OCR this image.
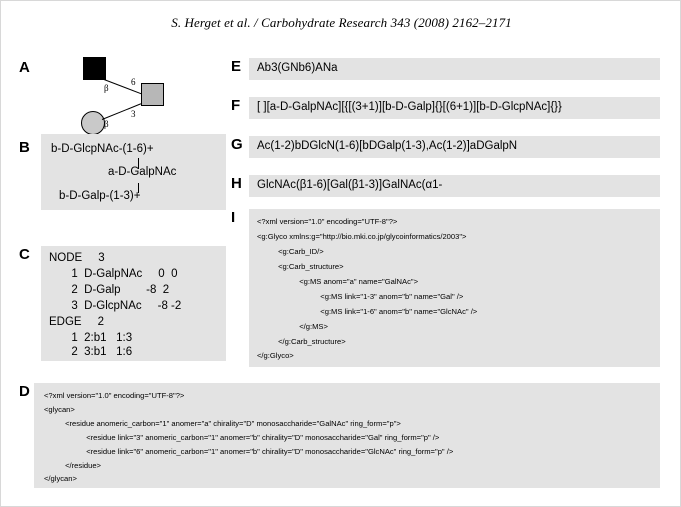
S. Herget et al. / Carbohydrate Research 343 (2008) 2162–2171
A
β
6
3
β
B b-D-GlcpNAc-(1-6)+
a-D-GalpNAc
b-D-Galp-(1-3)+
C NODE     3
1  D-GalpNAc     0  0
2  D-Galp        -8  2
3  D-GlcpNAc     -8 -2
EDGE     2
1  2:b1   1:3
2  3:b1   1:6
D <?xml version="1.0" encoding="UTF-8"?>
<glycan>
<residue anomeric_carbon="1" anomer="a" chirality="D" monosaccharide="GalNAc" ring_form="p">
<residue link="3" anomeric_carbon="1" anomer="b" chirality="D" monosaccharide="Gal" ring_form="p" />
<residue link="6" anomeric_carbon="1" anomer="b" chirality="D" monosaccharide="GlcNAc" ring_form="p" />
</residue>
</glycan>
E Ab3(GNb6)ANa
F [ ][a-D-GalpNAc][{[(3+1)][b-D-Galp]{}[(6+1)][b-D-GlcpNAc]{}}
G Ac(1-2)bDGlcN(1-6)[bDGalp(1-3),Ac(1-2)]aDGalpN
H GlcNAc(β1-6)[Gal(β1-3)]GalNAc(α1-
I	<?xml version="1.0" encoding="UTF-8"?>
<g:Glyco xmlns:g="http://bio.mki.co.jp/glycoinformatics/2003">
<g:Carb_ID/>
<g:Carb_structure>
<g:MS anom="a" name="GalNAc">
<g:MS link="1-3" anom="b" name="Gal" />
<g:MS link="1-6" anom="b" name="GlcNAc" />
</g:MS>
</g:Carb_structure>
</g:Glyco>
